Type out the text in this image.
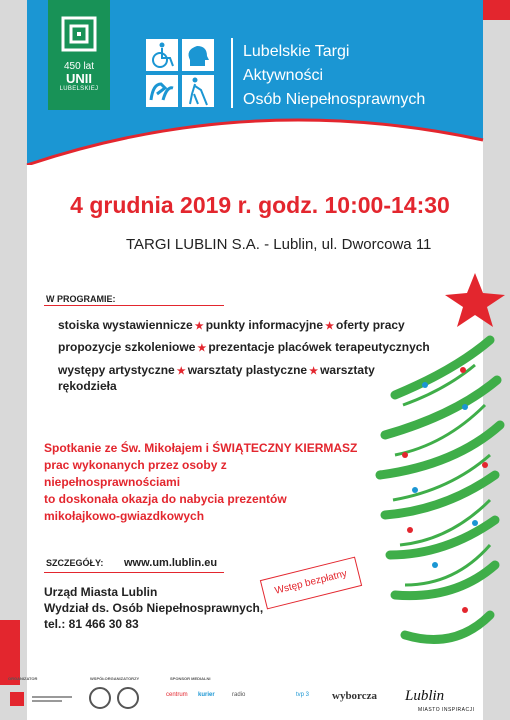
450 lat
UNII
LUBELSKIEJ
Lubelskie Targi
Aktywności
Osób Niepełnosprawnych
4 grudnia 2019 r. godz. 10:00-14:30
TARGI LUBLIN S.A. - Lublin, ul. Dworcowa 11
W PROGRAMIE:
stoiska wystawiennicze ★ punkty informacyjne ★ oferty pracy
propozycje szkoleniowe ★ prezentacje placówek terapeutycznych
występy artystyczne ★ warsztaty plastyczne ★ warsztaty
rękodzieła
Spotkanie ze Św. Mikołajem i ŚWIĄTECZNY KIERMASZ
prac wykonanych przez osoby z niepełnosprawnościami
to doskonała okazja do nabycia prezentów
mikołajkowo-gwiazdkowych
SZCZEGÓŁY: www.um.lublin.eu
Urząd Miasta Lublin
Wydział ds. Osób Niepełnosprawnych,
tel.: 81 466 30 83
Wstęp bezpłatny
ORGANIZATOR	WSPÓŁORGANIZATORZY	SPONSOR MEDIALNI
centrum kurier	radio	tvp 3 wyborcza Lublin
MIASTO INSPIRACJI
